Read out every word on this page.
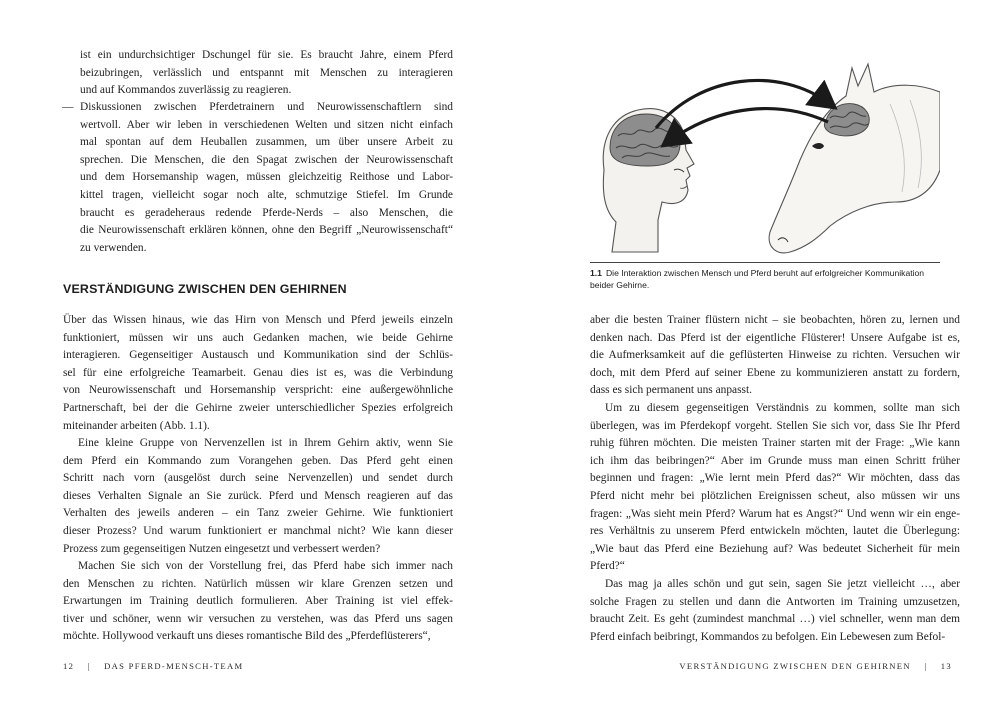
ist ein undurchsichtiger Dschungel für sie. Es braucht Jahre, einem Pferd
beizubringen, verlässlich und entspannt mit Menschen zu interagieren
und auf Kommandos zuverlässig zu reagieren.
— Diskussionen zwischen Pferdetrainern und Neurowissenschaftlern sind
wertvoll. Aber wir leben in verschiedenen Welten und sitzen nicht einfach
mal spontan auf dem Heuballen zusammen, um über unsere Arbeit zu
sprechen. Die Menschen, die den Spagat zwischen der Neurowissenschaft
und dem Horsemanship wagen, müssen gleichzeitig Reithose und Labor-
kittel tragen, vielleicht sogar noch alte, schmutzige Stiefel. Im Grunde
braucht es geradeheraus redende Pferde-Nerds – also Menschen, die
die Neurowissenschaft erklären können, ohne den Begriff „Neurowissenschaft“
zu verwenden.
VERSTÄNDIGUNG ZWISCHEN DEN GEHIRNEN
Über das Wissen hinaus, wie das Hirn von Mensch und Pferd jeweils einzeln
funktioniert, müssen wir uns auch Gedanken machen, wie beide Gehirne
interagieren. Gegenseitiger Austausch und Kommunikation sind der Schlüs-
sel für eine erfolgreiche Teamarbeit. Genau dies ist es, was die Verbindung
von Neurowissenschaft und Horsemanship verspricht: eine außergewöhnliche
Partnerschaft, bei der die Gehirne zweier unterschiedlicher Spezies erfolgreich
miteinander arbeiten (Abb. 1.1).
Eine kleine Gruppe von Nervenzellen ist in Ihrem Gehirn aktiv, wenn Sie
dem Pferd ein Kommando zum Vorangehen geben. Das Pferd geht einen
Schritt nach vorn (ausgelöst durch seine Nervenzellen) und sendet durch
dieses Verhalten Signale an Sie zurück. Pferd und Mensch reagieren auf das
Verhalten des jeweils anderen – ein Tanz zweier Gehirne. Wie funktioniert
dieser Prozess? Und warum funktioniert er manchmal nicht? Wie kann dieser
Prozess zum gegenseitigen Nutzen eingesetzt und verbessert werden?
Machen Sie sich von der Vorstellung frei, das Pferd habe sich immer nach
den Menschen zu richten. Natürlich müssen wir klare Grenzen setzen und
Erwartungen im Training deutlich formulieren. Aber Training ist viel effek-
tiver und schöner, wenn wir versuchen zu verstehen, was das Pferd uns sagen
möchte. Hollywood verkauft uns dieses romantische Bild des „Pferdeflüsterers“,
12 | DAS PFERD-MENSCH-TEAM

1.1 Die Interaktion zwischen Mensch und Pferd beruht auf erfolgreicher Kommunikation beider Gehirne.

aber die besten Trainer flüstern nicht – sie beobachten, hören zu, lernen und
denken nach. Das Pferd ist der eigentliche Flüsterer! Unsere Aufgabe ist es,
die Aufmerksamkeit auf die geflüsterten Hinweise zu richten. Versuchen wir
doch, mit dem Pferd auf seiner Ebene zu kommunizieren anstatt zu fordern,
dass es sich permanent uns anpasst.
Um zu diesem gegenseitigen Verständnis zu kommen, sollte man sich
überlegen, was im Pferdekopf vorgeht. Stellen Sie sich vor, dass Sie Ihr Pferd
ruhig führen möchten. Die meisten Trainer starten mit der Frage: „Wie kann
ich ihm das beibringen?“ Aber im Grunde muss man einen Schritt früher
beginnen und fragen: „Wie lernt mein Pferd das?“ Wir möchten, dass das
Pferd nicht mehr bei plötzlichen Ereignissen scheut, also müssen wir uns
fragen: „Was sieht mein Pferd? Warum hat es Angst?“ Und wenn wir ein enge-
res Verhältnis zu unserem Pferd entwickeln möchten, lautet die Überlegung:
„Wie baut das Pferd eine Beziehung auf? Was bedeutet Sicherheit für mein
Pferd?“
Das mag ja alles schön und gut sein, sagen Sie jetzt vielleicht …, aber
solche Fragen zu stellen und dann die Antworten im Training umzusetzen,
braucht Zeit. Es geht (zumindest manchmal …) viel schneller, wenn man dem
Pferd einfach beibringt, Kommandos zu befolgen. Ein Lebewesen zum Befol-
VERSTÄNDIGUNG ZWISCHEN DEN GEHIRNEN | 13
